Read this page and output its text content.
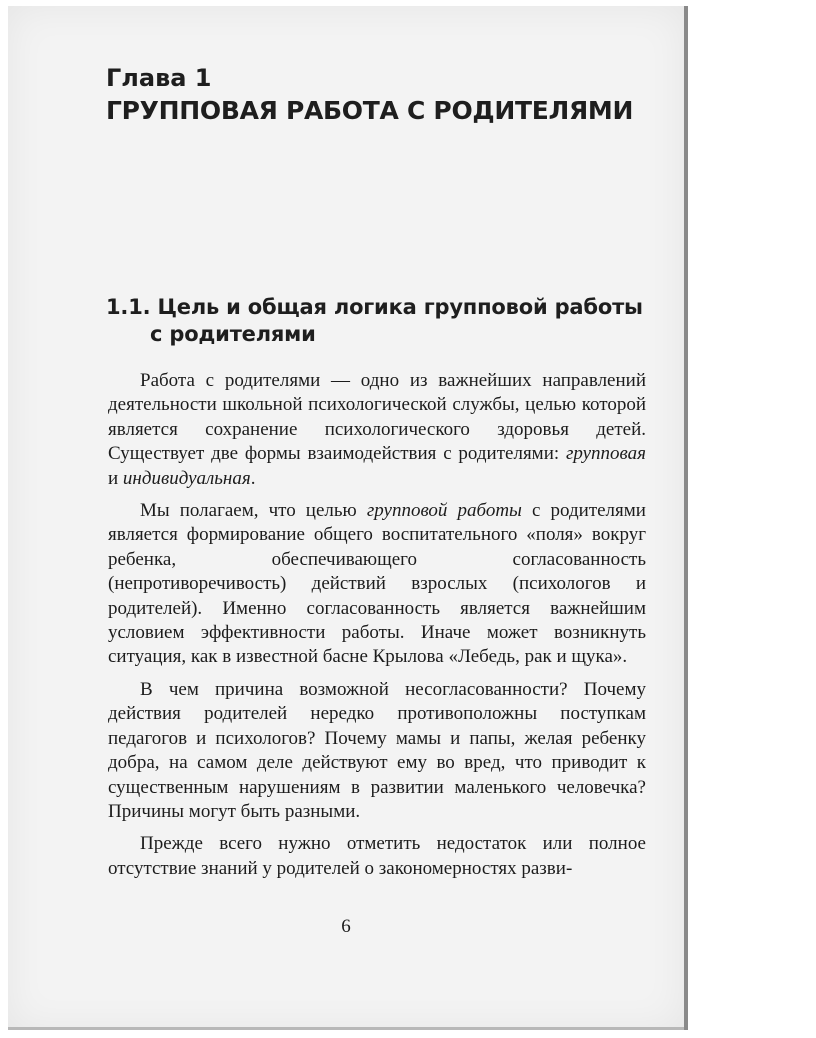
Глава 1
ГРУППОВАЯ РАБОТА С РОДИТЕЛЯМИ
1.1. Цель и общая логика групповой работы
с родителями

Работа с родителями — одно из важнейших направлений деятельности школьной психологической службы, целью которой является сохранение психологического здоровья детей. Существует две формы взаимодействия с родителями: групповая и индивидуальная.

Мы полагаем, что целью групповой работы с родителями является формирование общего воспитательного «поля» вокруг ребенка, обеспечивающего согласованность (непротиворечивость) действий взрослых (психологов и родителей). Именно согласованность является важнейшим условием эффективности работы. Иначе может возникнуть ситуация, как в известной басне Крылова «Лебедь, рак и щука».

В чем причина возможной несогласованности? Почему действия родителей нередко противоположны поступкам педагогов и психологов? Почему мамы и папы, желая ребенку добра, на самом деле действуют ему во вред, что приводит к существенным нарушениям в развитии маленького человечка? Причины могут быть разными.

Прежде всего нужно отметить недостаток или полное отсутствие знаний у родителей о закономерностях разви-

6
